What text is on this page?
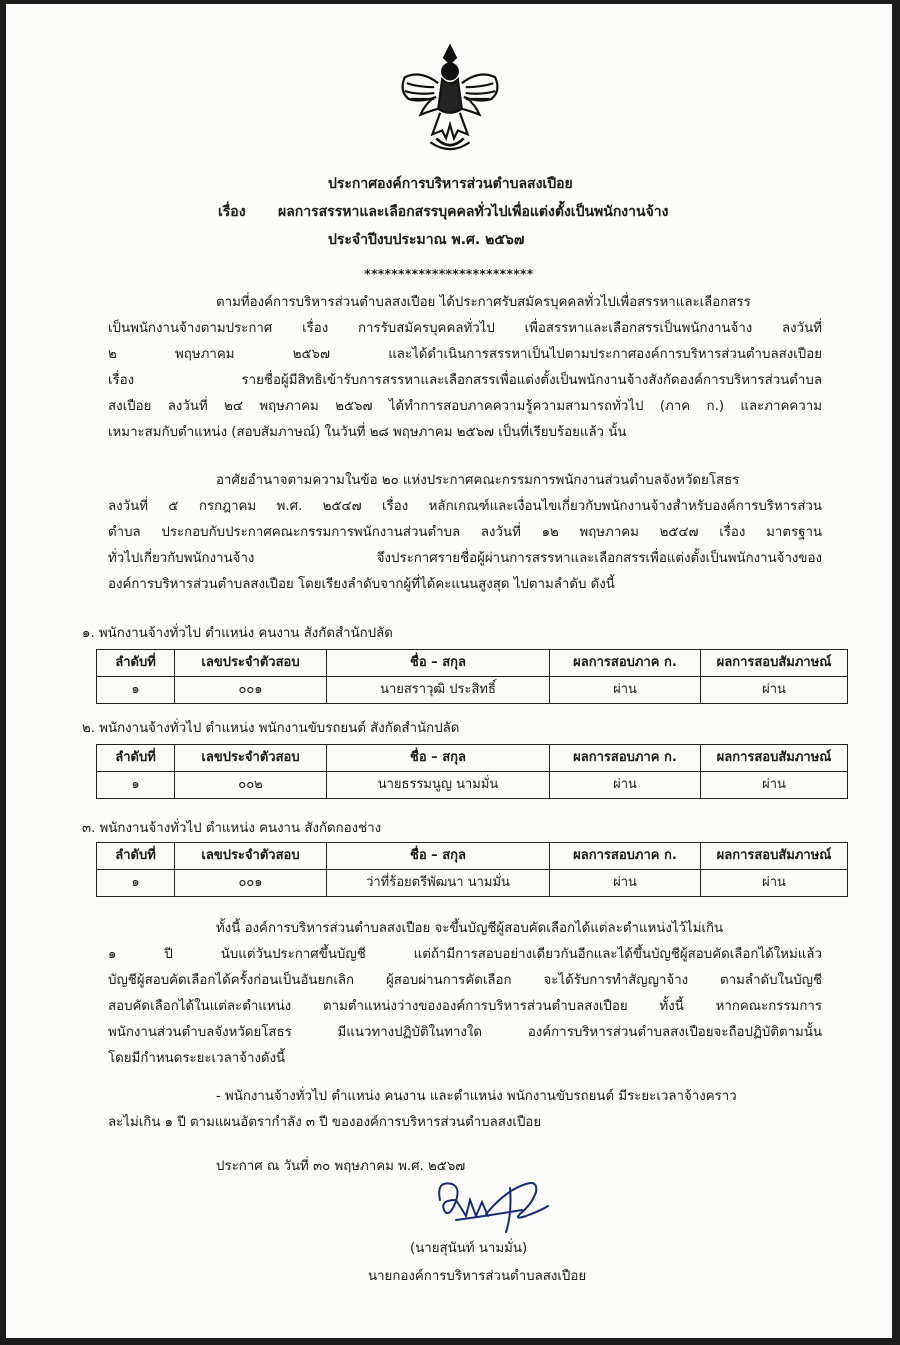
ประกาศองค์การบริหารส่วนตำบลสงเปือย
เรื่อง ผลการสรรหาและเลือกสรรบุคคลทั่วไปเพื่อแต่งตั้งเป็นพนักงานจ้าง
ประจำปีงบประมาณ พ.ศ. ๒๕๖๗
*************************
ตามที่องค์การบริหารส่วนตำบลสงเปือย ได้ประกาศรับสมัครบุคคลทั่วไปเพื่อสรรหาและเลือกสรร
เป็นพนักงานจ้างตามประกาศ เรื่อง การรับสมัครบุคคลทั่วไป เพื่อสรรหาและเลือกสรรเป็นพนักงานจ้าง ลงวันที่
๒ พฤษภาคม ๒๕๖๗ และได้ดำเนินการสรรหาเป็นไปตามประกาศองค์การบริหารส่วนตำบลสงเปือย
เรื่อง รายชื่อผู้มีสิทธิเข้ารับการสรรหาและเลือกสรรเพื่อแต่งตั้งเป็นพนักงานจ้างสังกัดองค์การบริหารส่วนตำบล
สงเปือย ลงวันที่ ๒๔ พฤษภาคม ๒๕๖๗ ได้ทำการสอบภาคความรู้ความสามารถทั่วไป (ภาค ก.) และภาคความ
เหมาะสมกับตำแหน่ง (สอบสัมภาษณ์) ในวันที่ ๒๘ พฤษภาคม ๒๕๖๗ เป็นที่เรียบร้อยแล้ว นั้น
อาศัยอำนาจตามความในข้อ ๒๐ แห่งประกาศคณะกรรมการพนักงานส่วนตำบลจังหวัดยโสธร
ลงวันที่ ๕ กรกฎาคม พ.ศ. ๒๕๔๗ เรื่อง หลักเกณฑ์และเงื่อนไขเกี่ยวกับพนักงานจ้างสำหรับองค์การบริหารส่วน
ตำบล ประกอบกับประกาศคณะกรรมการพนักงานส่วนตำบล ลงวันที่ ๑๒ พฤษภาคม ๒๕๔๗ เรื่อง มาตรฐาน
ทั่วไปเกี่ยวกับพนักงานจ้าง จึงประกาศรายชื่อผู้ผ่านการสรรหาและเลือกสรรเพื่อแต่งตั้งเป็นพนักงานจ้างของ
องค์การบริหารส่วนตำบลสงเปือย โดยเรียงลำดับจากผู้ที่ได้คะแนนสูงสุด ไปตามลำดับ ดังนี้
๑. พนักงานจ้างทั่วไป ตำแหน่ง คนงาน สังกัดสำนักปลัด
ลำดับที่	เลขประจำตัวสอบ	ชื่อ – สกุล	ผลการสอบภาค ก.	ผลการสอบสัมภาษณ์
๑	๐๐๑	นายสราวุฒิ ประสิทธิ์	ผ่าน	ผ่าน
๒. พนักงานจ้างทั่วไป ตำแหน่ง พนักงานขับรถยนต์ สังกัดสำนักปลัด
ลำดับที่	เลขประจำตัวสอบ	ชื่อ – สกุล	ผลการสอบภาค ก.	ผลการสอบสัมภาษณ์
๑	๐๐๒	นายธรรมนูญ นามมั่น	ผ่าน	ผ่าน
๓. พนักงานจ้างทั่วไป ตำแหน่ง คนงาน สังกัดกองช่าง
ลำดับที่	เลขประจำตัวสอบ	ชื่อ – สกุล	ผลการสอบภาค ก.	ผลการสอบสัมภาษณ์
๑	๐๐๑	ว่าที่ร้อยตรีพัฒนา นามมั่น	ผ่าน	ผ่าน
ทั้งนี้ องค์การบริหารส่วนตำบลสงเปือย จะขึ้นบัญชีผู้สอบคัดเลือกได้แต่ละตำแหน่งไว้ไม่เกิน
๑ ปี นับแต่วันประกาศขึ้นบัญชี แต่ถ้ามีการสอบอย่างเดียวกันอีกและได้ขึ้นบัญชีผู้สอบคัดเลือกได้ใหม่แล้ว
บัญชีผู้สอบคัดเลือกได้ครั้งก่อนเป็นอันยกเลิก ผู้สอบผ่านการคัดเลือก จะได้รับการทำสัญญาจ้าง ตามลำดับในบัญชี
สอบคัดเลือกได้ในแต่ละตำแหน่ง ตามตำแหน่งว่างขององค์การบริหารส่วนตำบลสงเปือย ทั้งนี้ หากคณะกรรมการ
พนักงานส่วนตำบลจังหวัดยโสธร มีแนวทางปฏิบัติในทางใด องค์การบริหารส่วนตำบลสงเปือยจะถือปฏิบัติตามนั้น
โดยมีกำหนดระยะเวลาจ้างดังนี้
- พนักงานจ้างทั่วไป ตำแหน่ง คนงาน และตำแหน่ง พนักงานขับรถยนต์ มีระยะเวลาจ้างคราว
ละไม่เกิน ๑ ปี ตามแผนอัตรากำลัง ๓ ปี ขององค์การบริหารส่วนตำบลสงเปือย
ประกาศ ณ วันที่ ๓๐ พฤษภาคม พ.ศ. ๒๕๖๗
(นายสุนันท์ นามมั่น)
นายกองค์การบริหารส่วนตำบลสงเปือย
